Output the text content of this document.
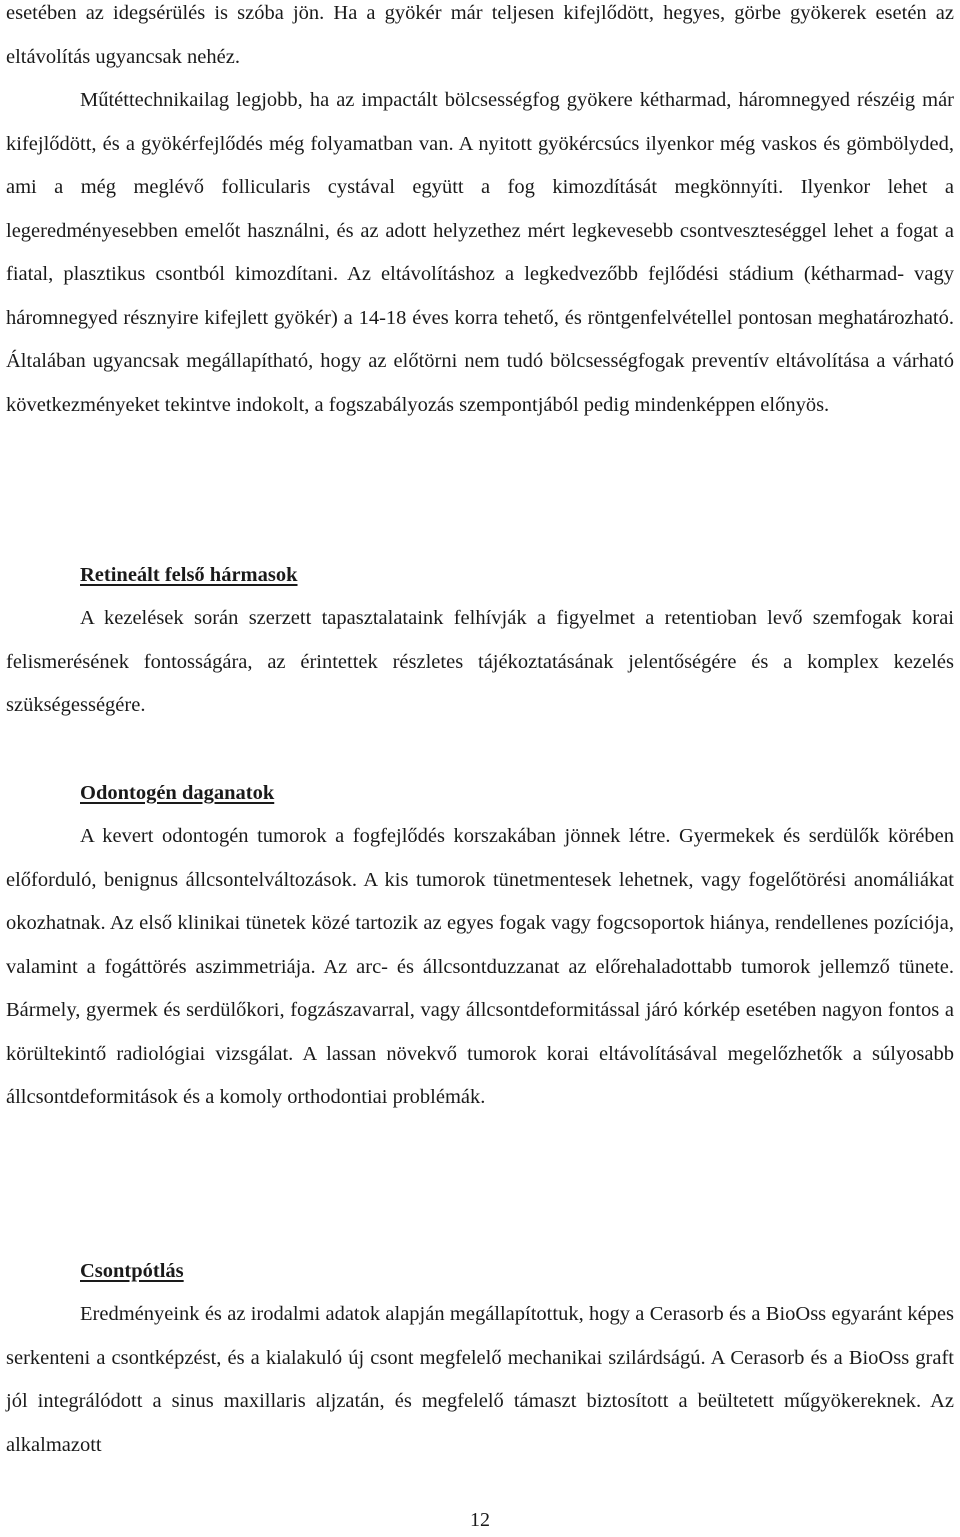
esetében az idegsérülés is szóba jön. Ha a gyökér már teljesen kifejlődött, hegyes, görbe gyökerek esetén az eltávolítás ugyancsak nehéz.

Műtéttechnikailag legjobb, ha az impactált bölcsességfog gyökere kétharmad, háromnegyed részéig már kifejlődött, és a gyökérfejlődés még folyamatban van. A nyitott gyökércsúcs ilyenkor még vaskos és gömbölyded, ami a még meglévő follicularis cystával együtt a fog kimozdítását megkönnyíti. Ilyenkor lehet a legeredményesebben emelőt használni, és az adott helyzethez mért legkevesebb csontveszteséggel lehet a fogat a fiatal, plasztikus csontból kimozdítani. Az eltávolításhoz a legkedvezőbb fejlődési stádium (kétharmad- vagy háromnegyed résznyire kifejlett gyökér) a 14-18 éves korra tehető, és röntgenfelvétellel pontosan meghatározható. Általában ugyancsak megállapítható, hogy az előtörni nem tudó bölcsességfogak preventív eltávolítása a várható következményeket tekintve indokolt, a fogszabályozás szempontjából pedig mindenképpen előnyös.

Retineált felső hármasok

A kezelések során szerzett tapasztalataink felhívják a figyelmet a retentioban levő szemfogak korai felismerésének fontosságára, az érintettek részletes tájékoztatásának jelentőségére és a komplex kezelés szükségességére.

Odontogén daganatok

A kevert odontogén tumorok a fogfejlődés korszakában jönnek létre. Gyermekek és serdülők körében előforduló, benignus állcsontelváltozások. A kis tumorok tünetmentesek lehetnek, vagy fogelőtörési anomáliákat okozhatnak. Az első klinikai tünetek közé tartozik az egyes fogak vagy fogcsoportok hiánya, rendellenes pozíciója, valamint a fogáttörés aszimmetriája. Az arc- és állcsontduzzanat az előrehaladottabb tumorok jellemző tünete. Bármely, gyermek és serdülőkori, fogzászavarral, vagy állcsontdeformitással járó kórkép esetében nagyon fontos a körültekintő radiológiai vizsgálat. A lassan növekvő tumorok korai eltávolításával megelőzhetők a súlyosabb állcsontdeformitások és a komoly orthodontiai problémák.

Csontpótlás

Eredményeink és az irodalmi adatok alapján megállapítottuk, hogy a Cerasorb és a BioOss egyaránt képes serkenteni a csontképzést, és a kialakuló új csont megfelelő mechanikai szilárdságú. A Cerasorb és a BioOss graft jól integrálódott a sinus maxillaris aljzatán, és megfelelő támaszt biztosított a beültetett műgyökereknek. Az alkalmazott

12
